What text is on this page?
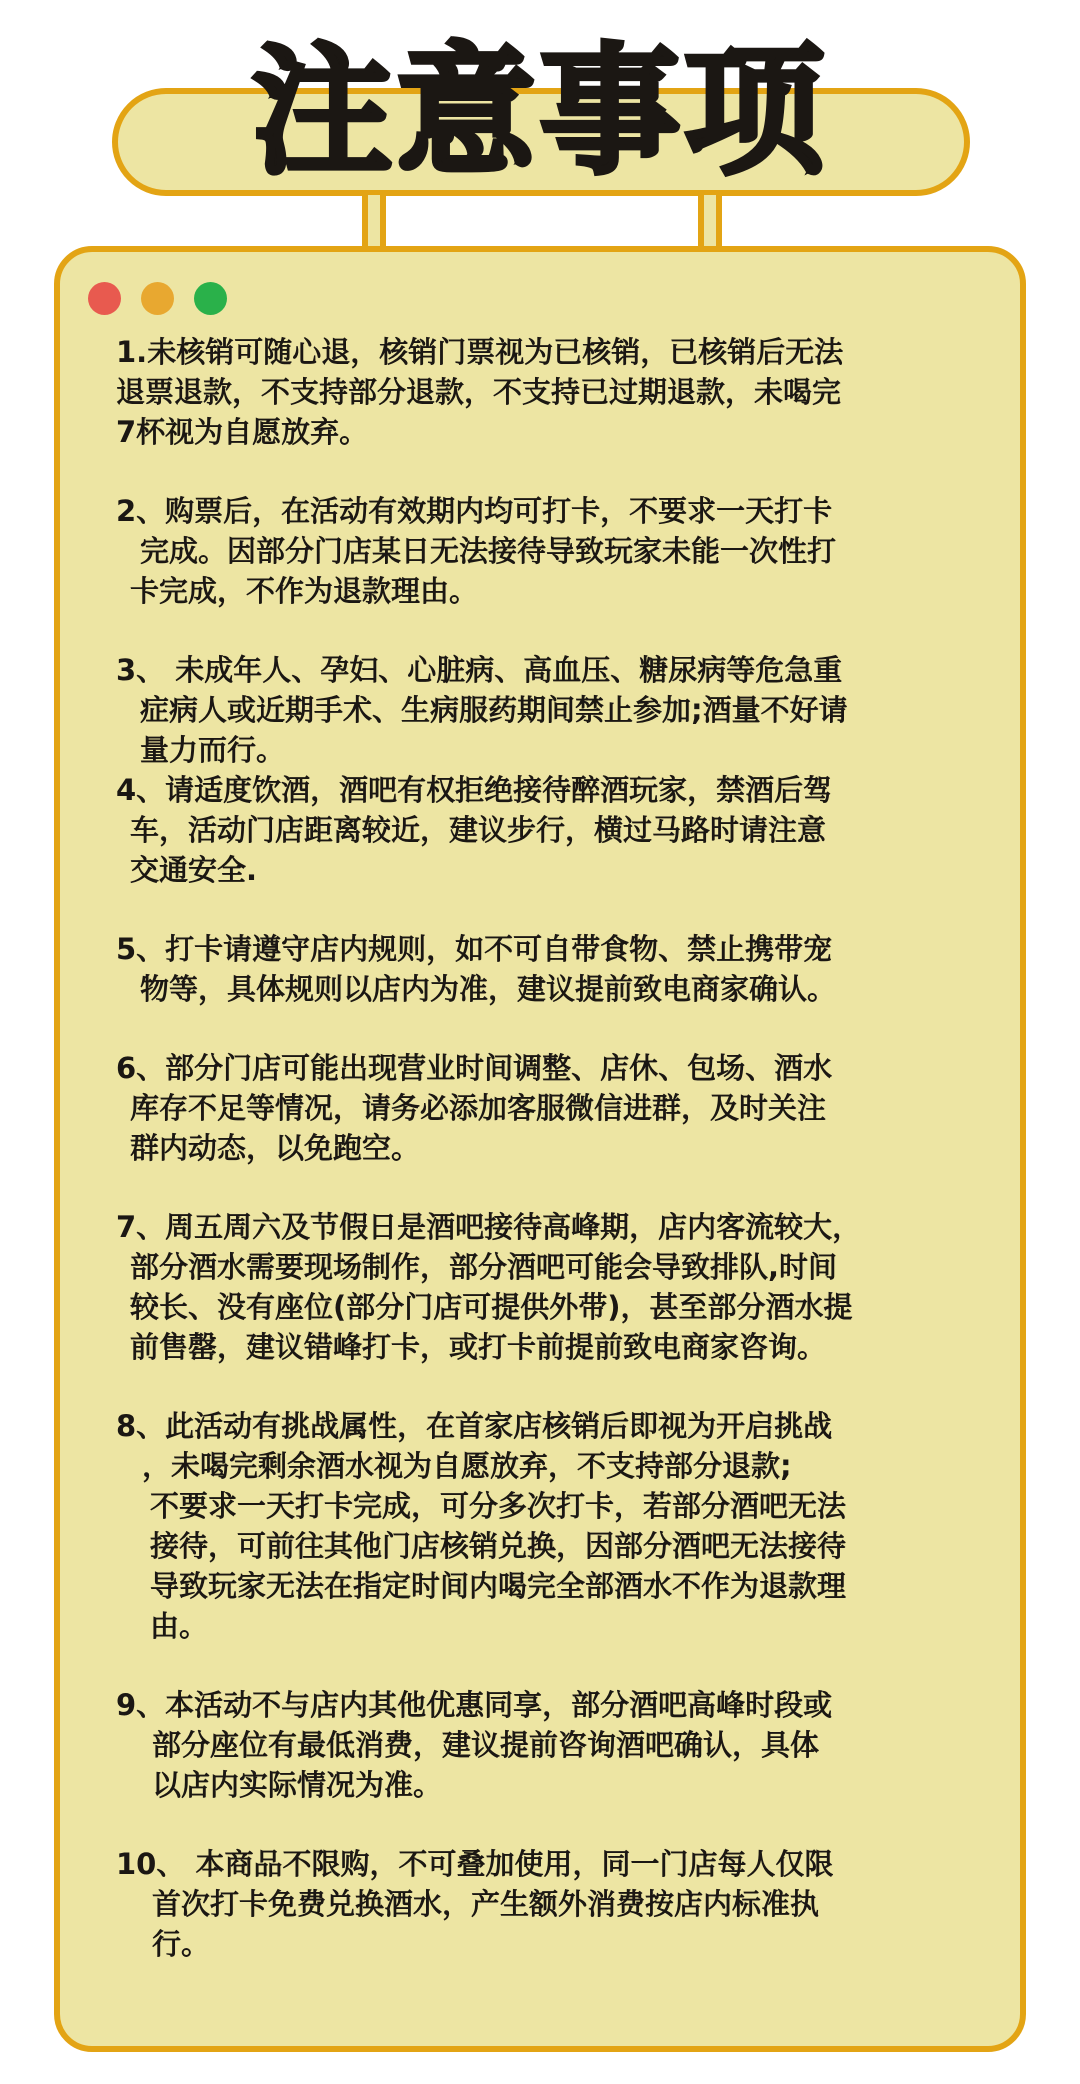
注意事项
1.未核销可随心退，核销门票视为已核销，已核销后无法
退票退款，不支持部分退款，不支持已过期退款，未喝完
7杯视为自愿放弃。
2、购票后，在活动有效期内均可打卡，不要求一天打卡
完成。因部分门店某日无法接待导致玩家未能一次性打
卡完成，不作为退款理由。
3、 未成年人、孕妇、心脏病、高血压、糖尿病等危急重
症病人或近期手术、生病服药期间禁止参加;酒量不好请
量力而行。
4、请适度饮酒，酒吧有权拒绝接待醉酒玩家，禁酒后驾
车，活动门店距离较近，建议步行，横过马路时请注意
交通安全.
5、打卡请遵守店内规则，如不可自带食物、禁止携带宠
物等，具体规则以店内为准，建议提前致电商家确认。
6、部分门店可能出现营业时间调整、店休、包场、酒水
库存不足等情况，请务必添加客服微信进群，及时关注
群内动态，以免跑空。
7、周五周六及节假日是酒吧接待高峰期，店内客流较大，
部分酒水需要现场制作，部分酒吧可能会导致排队,时间
较长、没有座位(部分门店可提供外带)，甚至部分酒水提
前售罄，建议错峰打卡，或打卡前提前致电商家咨询。
8、此活动有挑战属性，在首家店核销后即视为开启挑战
，未喝完剩余酒水视为自愿放弃，不支持部分退款;
不要求一天打卡完成，可分多次打卡，若部分酒吧无法
接待，可前往其他门店核销兑换，因部分酒吧无法接待
导致玩家无法在指定时间内喝完全部酒水不作为退款理
由。
9、本活动不与店内其他优惠同享，部分酒吧高峰时段或
部分座位有最低消费，建议提前咨询酒吧确认，具体
以店内实际情况为准。
10、 本商品不限购，不可叠加使用，同一门店每人仅限
首次打卡免费兑换酒水，产生额外消费按店内标准执
行。
